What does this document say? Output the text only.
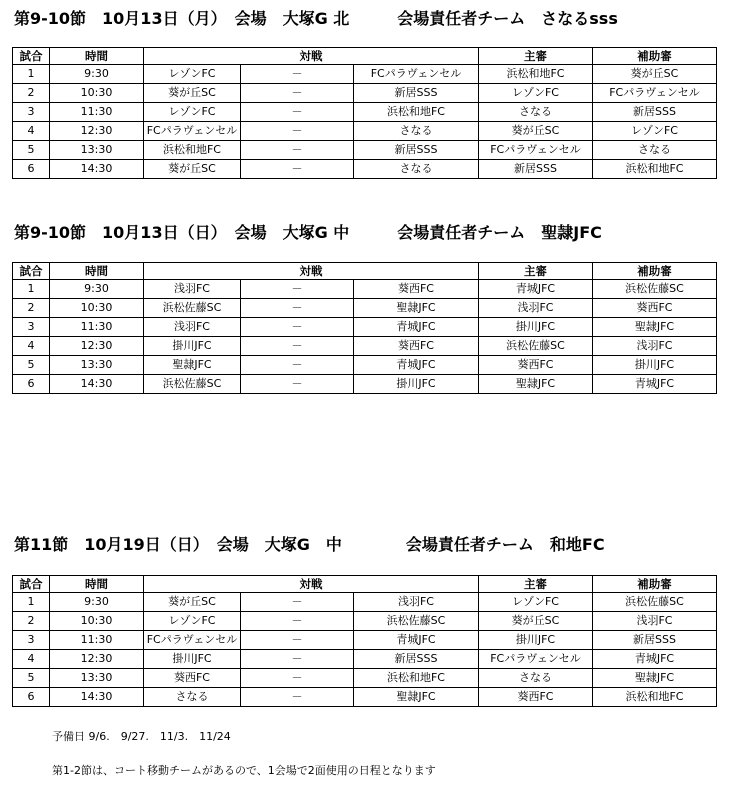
第9-10節　10月13日（月）　会場　大塚G 北　　　会場責任者チーム　さなるsss
試合	時間	対戦			主審	補助審
1	9:30	レゾンFC	－	FCパラヴェンセル	浜松和地FC	葵が丘SC
2	10:30	葵が丘SC	－	新居SSS	レゾンFC	FCパラヴェンセル
3	11:30	レゾンFC	－	浜松和地FC	さなる	新居SSS
4	12:30	FCパラヴェンセル	－	さなる	葵が丘SC	レゾンFC
5	13:30	浜松和地FC	－	新居SSS	FCパラヴェンセル	さなる
6	14:30	葵が丘SC	－	さなる	新居SSS	浜松和地FC
第9-10節　10月13日（日）　会場　大塚G 中　　　会場責任者チーム　聖隷JFC
試合	時間	対戦			主審	補助審
1	9:30	浅羽FC	－	葵西FC	青城JFC	浜松佐藤SC
2	10:30	浜松佐藤SC	－	聖隷JFC	浅羽FC	葵西FC
3	11:30	浅羽FC	－	青城JFC	掛川JFC	聖隷JFC
4	12:30	掛川JFC	－	葵西FC	浜松佐藤SC	浅羽FC
5	13:30	聖隷JFC	－	青城JFC	葵西FC	掛川JFC
6	14:30	浜松佐藤SC	－	掛川JFC	聖隷JFC	青城JFC
第11節　10月19日（日）　会場　大塚G　中　　　　会場責任者チーム　和地FC
試合	時間	対戦			主審	補助審
1	9:30	葵が丘SC	－	浅羽FC	レゾンFC	浜松佐藤SC
2	10:30	レゾンFC	－	浜松佐藤SC	葵が丘SC	浅羽FC
3	11:30	FCパラヴェンセル	－	青城JFC	掛川JFC	新居SSS
4	12:30	掛川JFC	－	新居SSS	FCパラヴェンセル	青城JFC
5	13:30	葵西FC	－	浜松和地FC	さなる	聖隷JFC
6	14:30	さなる	－	聖隷JFC	葵西FC	浜松和地FC
予備日 9/6.　9/27.　11/3.　11/24
第1-2節は、コート移動チームがあるので、1会場で2面使用の日程となります
